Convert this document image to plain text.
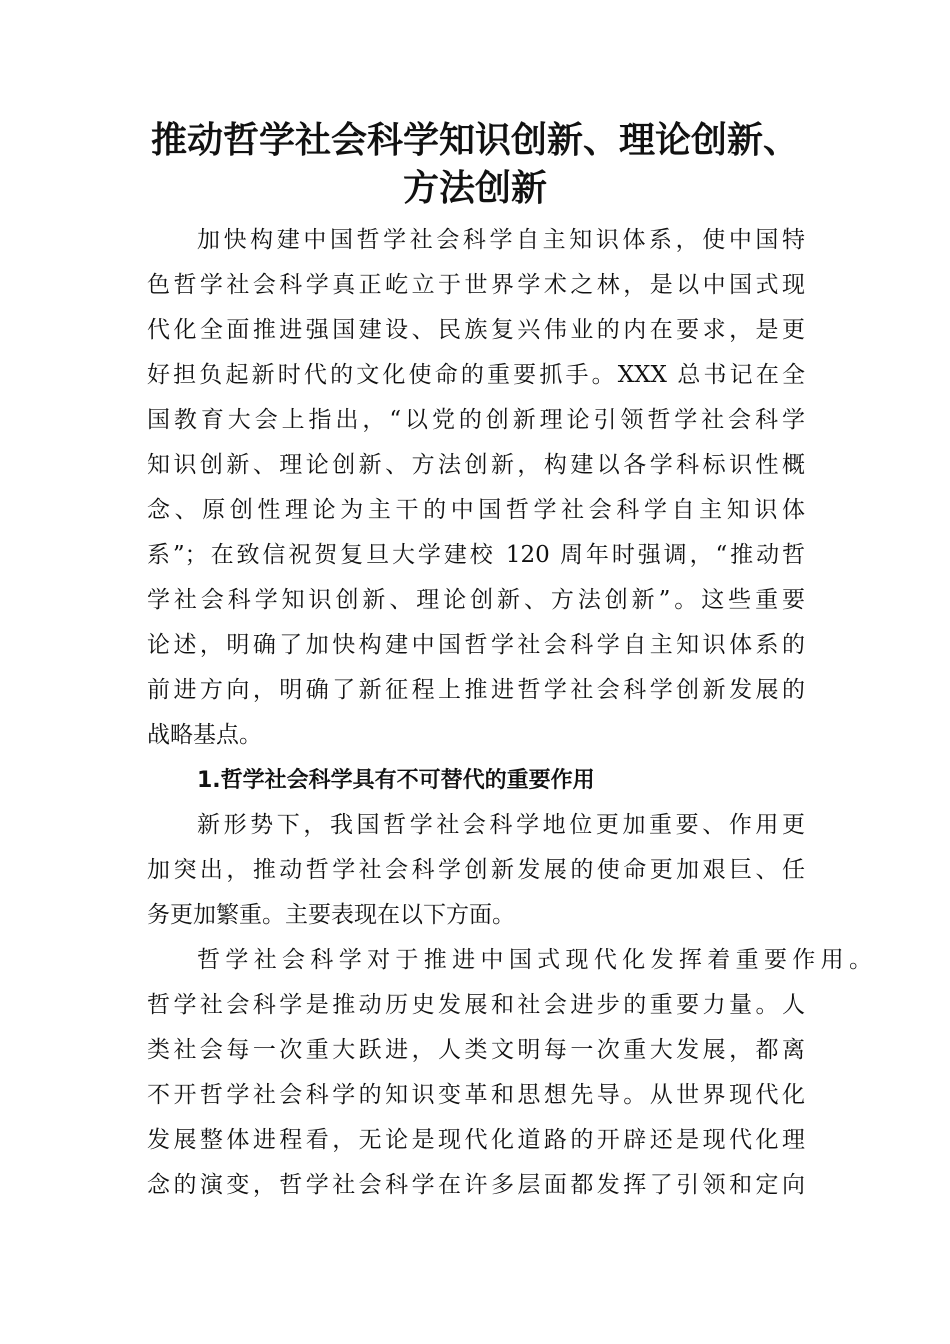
推动哲学社会科学知识创新、理论创新、
方法创新
加快构建中国哲学社会科学自主知识体系，使中国特
色哲学社会科学真正屹立于世界学术之林，是以中国式现
代化全面推进强国建设、民族复兴伟业的内在要求，是更
好担负起新时代的文化使命的重要抓手。XXX 总书记在全
国教育大会上指出，“以党的创新理论引领哲学社会科学
知识创新、理论创新、方法创新，构建以各学科标识性概
念、原创性理论为主干的中国哲学社会科学自主知识体
系”；在致信祝贺复旦大学建校 120 周年时强调，“推动哲
学社会科学知识创新、理论创新、方法创新”。这些重要
论述，明确了加快构建中国哲学社会科学自主知识体系的
前进方向，明确了新征程上推进哲学社会科学创新发展的
战略基点。
1.哲学社会科学具有不可替代的重要作用
新形势下，我国哲学社会科学地位更加重要、作用更
加突出，推动哲学社会科学创新发展的使命更加艰巨、任
务更加繁重。主要表现在以下方面。
哲学社会科学对于推进中国式现代化发挥着重要作用。
哲学社会科学是推动历史发展和社会进步的重要力量。人
类社会每一次重大跃进，人类文明每一次重大发展，都离
不开哲学社会科学的知识变革和思想先导。从世界现代化
发展整体进程看，无论是现代化道路的开辟还是现代化理
念的演变，哲学社会科学在许多层面都发挥了引领和定向
